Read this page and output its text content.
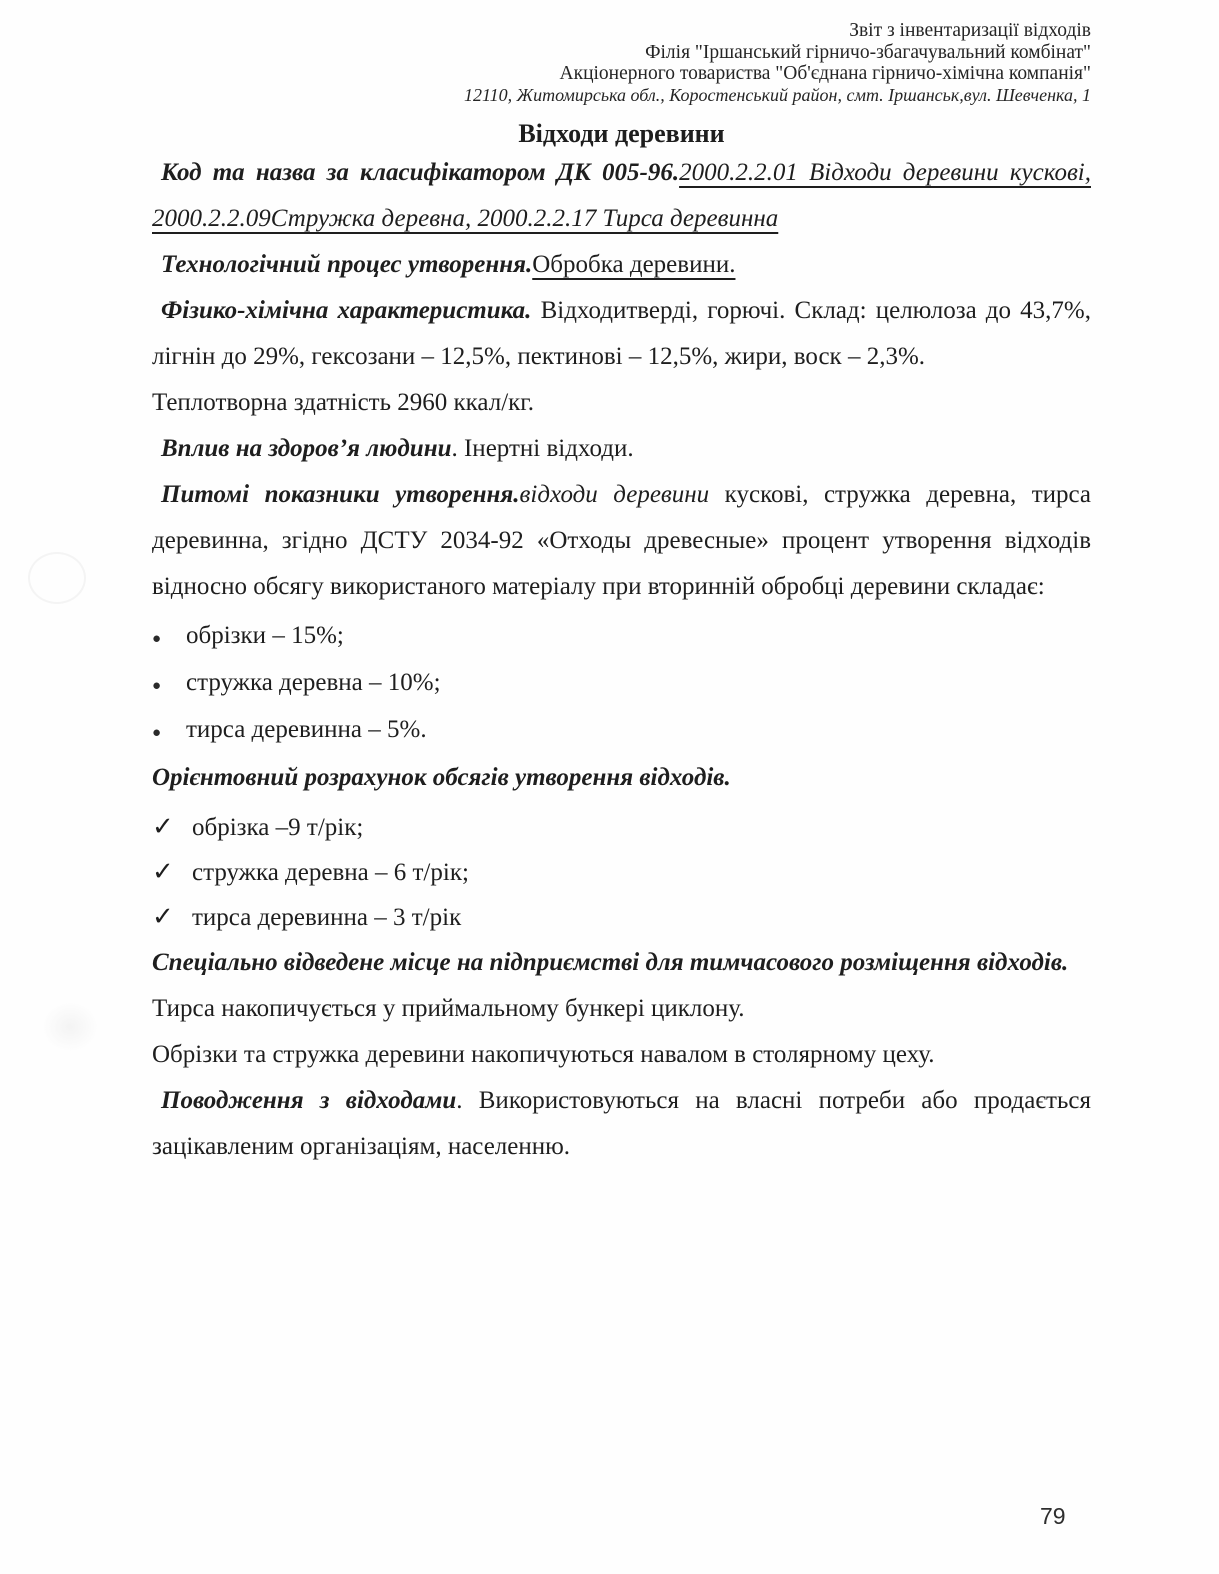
Звіт з інвентаризації відходів
Філія "Іршанський гірничо-збагачувальний комбінат"
Акціонерного товариства "Об'єднана гірничо-хімічна компанія"
12110, Житомирська обл., Коростенський район, смт. Іршанськ,вул. Шевченка, 1
Відходи деревини

Код та назва за класифікатором ДК 005-96.2000.2.2.01 Відходи деревини кускові, 2000.2.2.09Стружка деревна, 2000.2.2.17 Тирса деревинна

Технологічний процес утворення.Обробка деревини.

Фізико-хімічна характеристика. Відходитверді, горючі. Склад: целюлоза до 43,7%, лігнін до 29%, гексозани – 12,5%, пектинові – 12,5%, жири, воск – 2,3%.

Теплотворна здатність 2960 ккал/кг.

Вплив на здоров’я людини. Інертні відходи.

Питомі показники утворення.відходи деревини кускові, стружка деревна, тирса деревинна, згідно ДСТУ 2034-92 «Отходы древесные» процент утворення відходів відносно обсягу використаного матеріалу при вторинній обробці деревини складає:

● обрізки – 15%;
● стружка деревна – 10%;
● тирса деревинна – 5%.

Орієнтовний розрахунок обсягів утворення відходів.

✓ обрізка –9 т/рік;
✓ стружка деревна – 6 т/рік;
✓ тирса деревинна – 3 т/рік

Спеціально відведене місце на підприємстві для тимчасового розміщення відходів.

Тирса накопичується у приймальному бункері циклону.

Обрізки та стружка деревини накопичуються навалом в столярному цеху.

Поводження з відходами. Використовуються на власні потреби або продається зацікавленим організаціям, населенню.

79
